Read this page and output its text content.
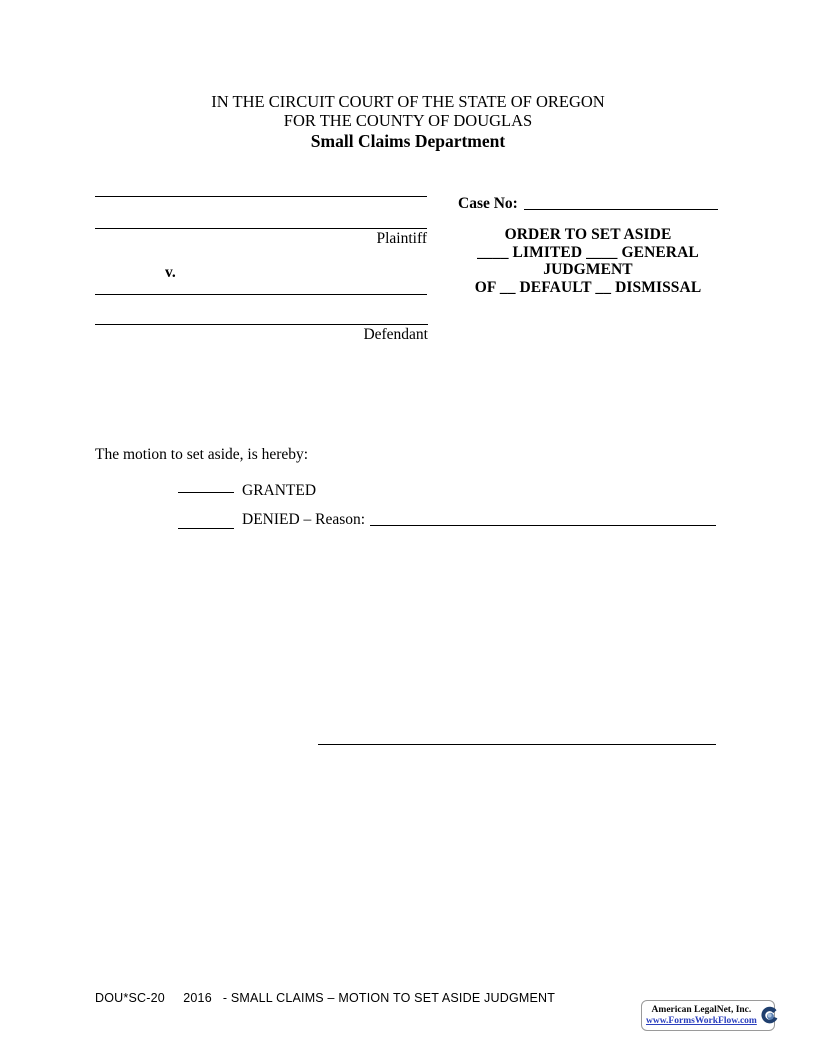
IN THE CIRCUIT COURT OF THE STATE OF OREGON
FOR THE COUNTY OF DOUGLAS
Small Claims Department
Plaintiff
v.
Defendant
Case No:
ORDER TO SET ASIDE
____ LIMITED ____ GENERAL
JUDGMENT
OF __ DEFAULT __ DISMISSAL
The motion to set aside, is hereby:
GRANTED
DENIED – Reason:
DOU*SC-20     2016   - SMALL CLAIMS – MOTION TO SET ASIDE JUDGMENT
American LegalNet, Inc.
www.FormsWorkFlow.com
